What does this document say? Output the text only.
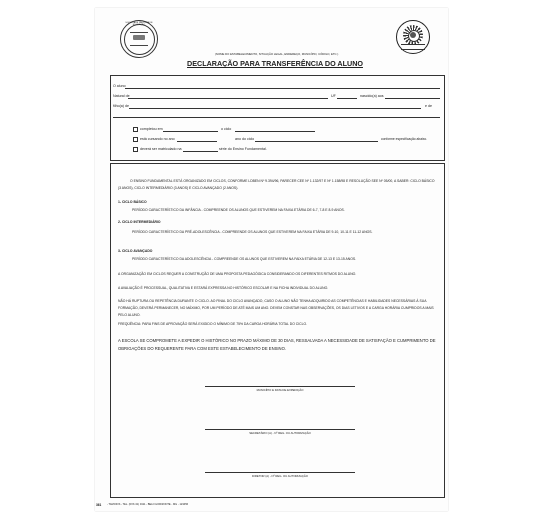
SOCIEDADE PAULISTA DE EDUCAÇÃO
(NOME DO ESTABELECIMENTO, SITUAÇÃO LEGAL, ENDEREÇO, MUNICÍPIO, CÓDIGO, ETC.)
DECLARAÇÃO PARA TRANSFERÊNCIA DO ALUNO
O aluno
Natural de	UF	nascido(a) aos
filho(a) de	e de
completou em	o ciclo
está cursando no ano	ano do ciclo	conforme especificação abaixo.
deverá ser matriculado na	série do Ensino Fundamental.
O ENSINO FUNDAMENTAL ESTÁ ORGANIZADO EM CICLOS, CONFORME LDBEN Nº 9.394/96, PARECER CEE Nº 1.132/97 E Nº 1.158/98 E RESOLUÇÃO SEE Nº 05/00, A SABER: CICLO BÁSICO (3 ANOS), CICLO INTERMEDIÁRIO (3 ANOS) E CICLO AVANÇADO (2 ANOS).
1- CICLO BÁSICO
PERÍODO CARACTERÍSTICO DA INFÂNCIA - COMPREENDE OS ALUNOS QUE ESTIVEREM NA FAIXA ETÁRIA DE 6-7, 7-8 E 8-9 ANOS.
2- CICLO INTERMEDIÁRIO
PERÍODO CARACTERÍSTICO DA PRÉ-ADOLESCÊNCIA - COMPREENDE OS ALUNOS QUE ESTIVEREM NA FAIXA ETÁRIA DE 9-10, 10-11 E 11-12 ANOS.
3- CICLO AVANÇADO
PERÍODO CARACTERÍSTICO DA ADOLESCÊNCIA - COMPREENDE OS ALUNOS QUE ESTIVEREM NA FAIXA ETÁRIA DE 12-13 E 13-15 ANOS.
A ORGANIZAÇÃO EM CICLOS REQUER A CONSTRUÇÃO DE UMA PROPOSTA PEDAGÓGICA CONSIDERANDO OS DIFERENTES RITMOS DO ALUNO.
A AVALIAÇÃO É PROCESSUAL, QUALITATIVA E ESTARÁ EXPRESSA NO HISTÓRICO ESCOLAR E NA FICHA INDIVIDUAL DO ALUNO.
NÃO HÁ RUPTURA OU REPETÊNCIA DURANTE O CICLO. AO FINAL DO CICLO AVANÇADO, CASO O ALUNO NÃO TENHA ADQUIRIDO AS COMPETÊNCIAS E HABILIDADES NECESSÁRIAS À SUA FORMAÇÃO, DEVERÁ PERMANECER, NO MÁXIMO, POR UM PERÍODO DE ATÉ MAIS UM ANO. DEVEM CONSTAR NAS OBSERVAÇÕES, OS DIAS LETIVOS E A CARGA HORÁRIA CUMPRIDOS A MAIS PELO ALUNO.
FREQÜÊNCIA: PARA FINS DE APROVAÇÃO SERÁ EXIGIDO O MÍNIMO DE 75% DA CARGA HORÁRIA TOTAL DO CICLO.
A ESCOLA SE COMPROMETE A EXPEDIR O HISTÓRICO NO PRAZO MÁXIMO DE 30 DIAS, RESSALVADA A NECESSIDADE DE SATISFAÇÃO E CUMPRIMENTO DE OBRIGAÇÕES DO REQUERENTE PARA COM ESTE ESTABELECIMENTO DE ENSINO.
MUNICÍPIO E DATA DE EXPEDIÇÃO
SECRETÁRIO (A) - Nº REG. OU AUTORIZAÇÃO
DIRETOR (A) - Nº REG. OU AUTORIZAÇÃO
361 - TAMOIOS - TEL. (0XX-31) 0411 - BELO HORIZONTE - MG - 123456
